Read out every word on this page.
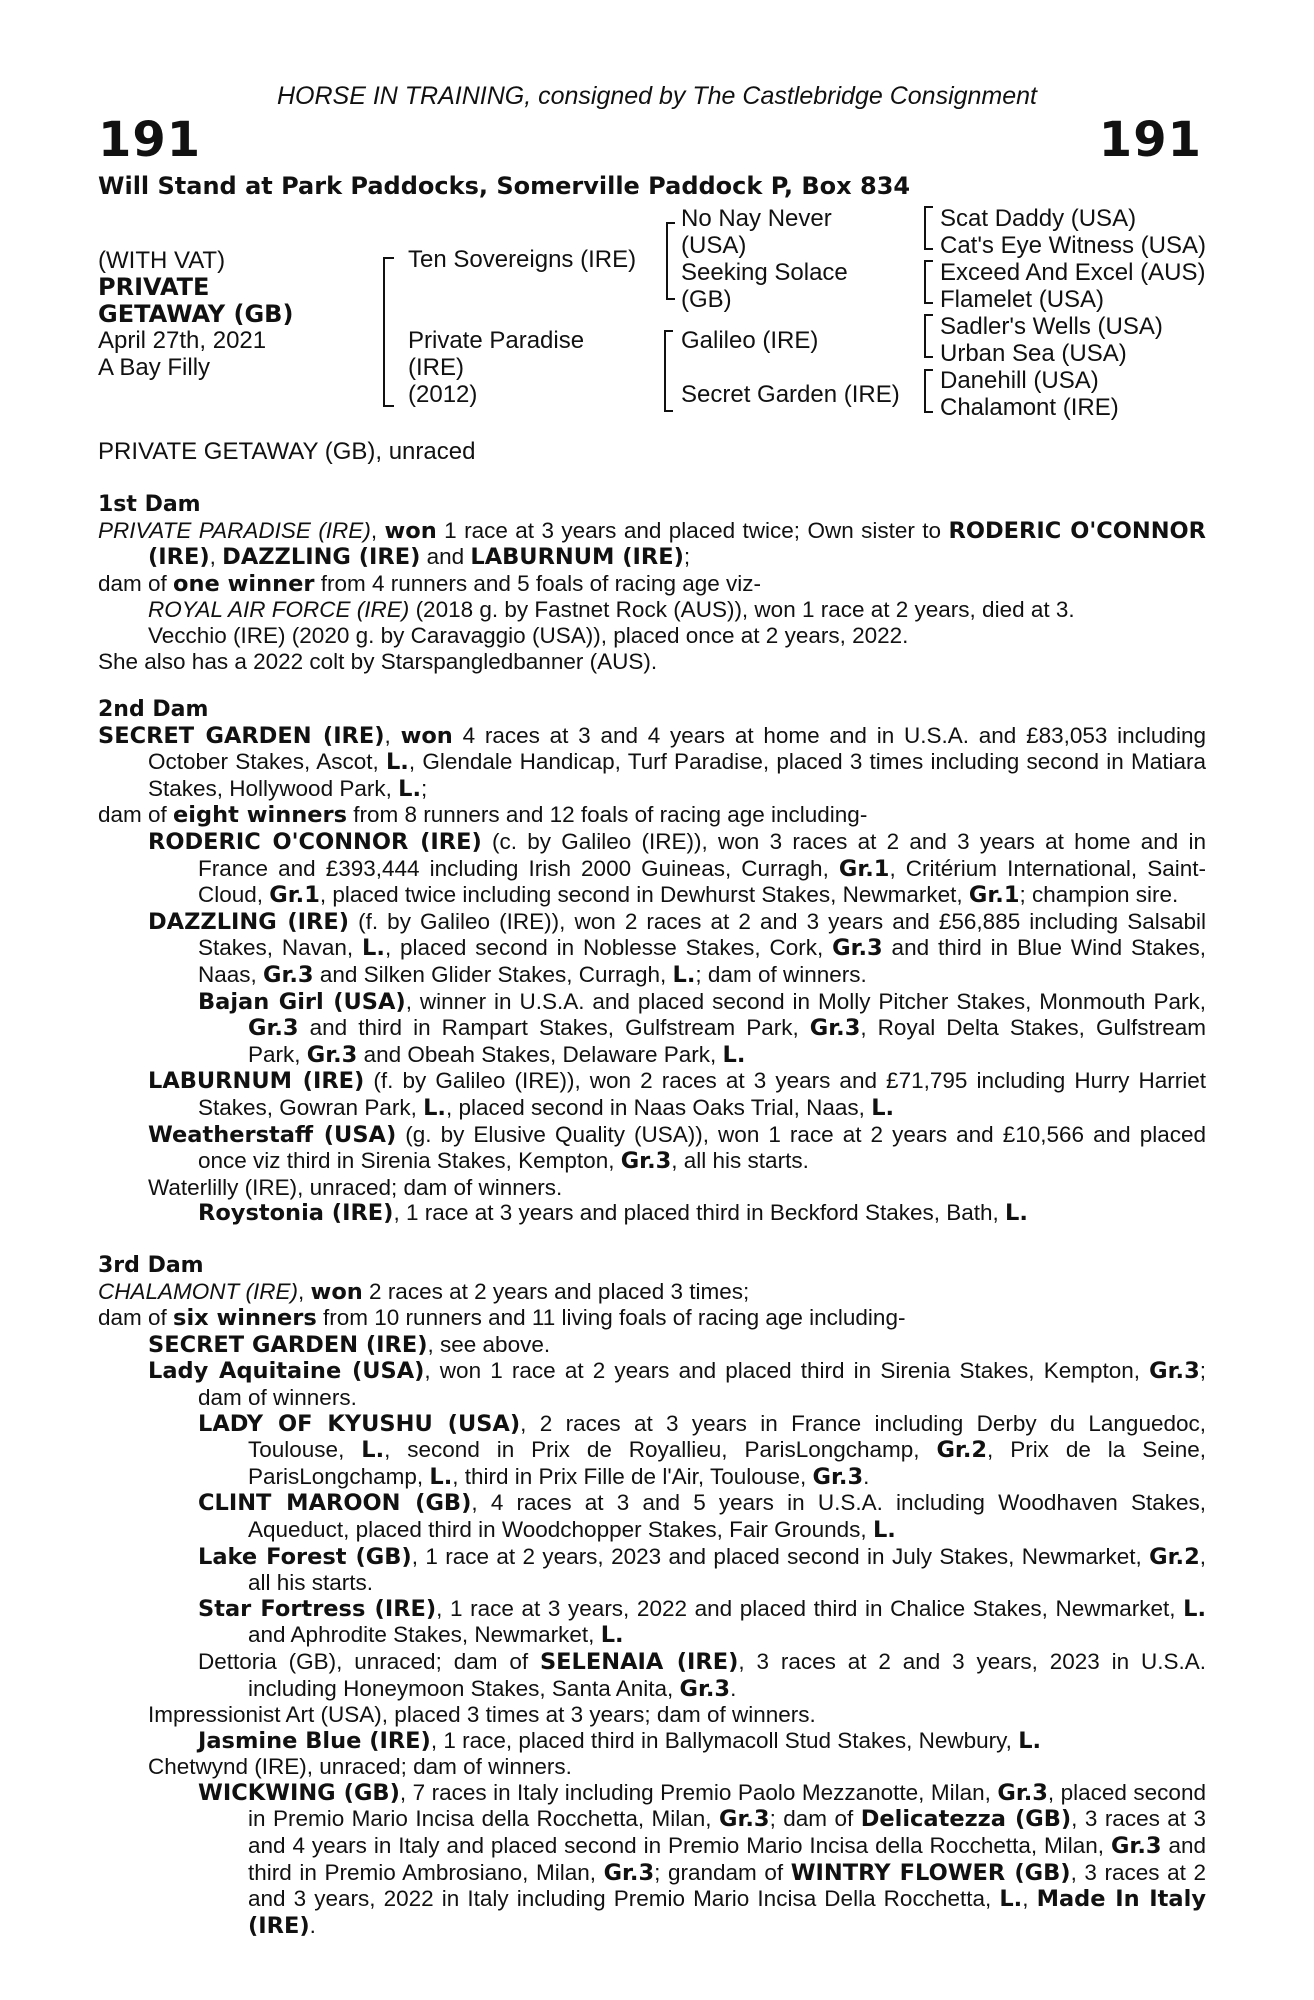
HORSE IN TRAINING, consigned by The Castlebridge Consignment
191	191
Will Stand at Park Paddocks, Somerville Paddock P, Box 834
(WITH VAT)
PRIVATE
GETAWAY (GB)
April 27th, 2021
A Bay Filly
Ten Sovereigns (IRE)
Private Paradise
(IRE)
(2012)
No Nay Never
(USA)
Seeking Solace
(GB)
Galileo (IRE)
Secret Garden (IRE)
Scat Daddy (USA)
Cat's Eye Witness (USA)
Exceed And Excel (AUS)
Flamelet (USA)
Sadler's Wells (USA)
Urban Sea (USA)
Danehill (USA)
Chalamont (IRE)
PRIVATE GETAWAY (GB), unraced

1st Dam

PRIVATE PARADISE (IRE), won 1 race at 3 years and placed twice; Own sister to RODERIC O'CONNOR (IRE), DAZZLING (IRE) and LABURNUM (IRE);

dam of one winner from 4 runners and 5 foals of racing age viz-

ROYAL AIR FORCE (IRE) (2018 g. by Fastnet Rock (AUS)), won 1 race at 2 years, died at 3.

Vecchio (IRE) (2020 g. by Caravaggio (USA)), placed once at 2 years, 2022.

She also has a 2022 colt by Starspangledbanner (AUS).

2nd Dam

SECRET GARDEN (IRE), won 4 races at 3 and 4 years at home and in U.S.A. and £83,053 including October Stakes, Ascot, L., Glendale Handicap, Turf Paradise, placed 3 times including second in Matiara Stakes, Hollywood Park, L.;

dam of eight winners from 8 runners and 12 foals of racing age including-

RODERIC O'CONNOR (IRE) (c. by Galileo (IRE)), won 3 races at 2 and 3 years at home and in France and £393,444 including Irish 2000 Guineas, Curragh, Gr.1, Critérium International, Saint-Cloud, Gr.1, placed twice including second in Dewhurst Stakes, Newmarket, Gr.1; champion sire.

DAZZLING (IRE) (f. by Galileo (IRE)), won 2 races at 2 and 3 years and £56,885 including Salsabil Stakes, Navan, L., placed second in Noblesse Stakes, Cork, Gr.3 and third in Blue Wind Stakes, Naas, Gr.3 and Silken Glider Stakes, Curragh, L.; dam of winners.

Bajan Girl (USA), winner in U.S.A. and placed second in Molly Pitcher Stakes, Monmouth Park, Gr.3 and third in Rampart Stakes, Gulfstream Park, Gr.3, Royal Delta Stakes, Gulfstream Park, Gr.3 and Obeah Stakes, Delaware Park, L.

LABURNUM (IRE) (f. by Galileo (IRE)), won 2 races at 3 years and £71,795 including Hurry Harriet Stakes, Gowran Park, L., placed second in Naas Oaks Trial, Naas, L.

Weatherstaff (USA) (g. by Elusive Quality (USA)), won 1 race at 2 years and £10,566 and placed once viz third in Sirenia Stakes, Kempton, Gr.3, all his starts.

Waterlilly (IRE), unraced; dam of winners.

Roystonia (IRE), 1 race at 3 years and placed third in Beckford Stakes, Bath, L.

3rd Dam

CHALAMONT (IRE), won 2 races at 2 years and placed 3 times;

dam of six winners from 10 runners and 11 living foals of racing age including-

SECRET GARDEN (IRE), see above.

Lady Aquitaine (USA), won 1 race at 2 years and placed third in Sirenia Stakes, Kempton, Gr.3; dam of winners.

LADY OF KYUSHU (USA), 2 races at 3 years in France including Derby du Languedoc, Toulouse, L., second in Prix de Royallieu, ParisLongchamp, Gr.2, Prix de la Seine, ParisLongchamp, L., third in Prix Fille de l'Air, Toulouse, Gr.3.

CLINT MAROON (GB), 4 races at 3 and 5 years in U.S.A. including Woodhaven Stakes, Aqueduct, placed third in Woodchopper Stakes, Fair Grounds, L.

Lake Forest (GB), 1 race at 2 years, 2023 and placed second in July Stakes, Newmarket, Gr.2, all his starts.

Star Fortress (IRE), 1 race at 3 years, 2022 and placed third in Chalice Stakes, Newmarket, L. and Aphrodite Stakes, Newmarket, L.

Dettoria (GB), unraced; dam of SELENAIA (IRE), 3 races at 2 and 3 years, 2023 in U.S.A. including Honeymoon Stakes, Santa Anita, Gr.3.

Impressionist Art (USA), placed 3 times at 3 years; dam of winners.

Jasmine Blue (IRE), 1 race, placed third in Ballymacoll Stud Stakes, Newbury, L.

Chetwynd (IRE), unraced; dam of winners.

WICKWING (GB), 7 races in Italy including Premio Paolo Mezzanotte, Milan, Gr.3, placed second in Premio Mario Incisa della Rocchetta, Milan, Gr.3; dam of Delicatezza (GB), 3 races at 3 and 4 years in Italy and placed second in Premio Mario Incisa della Rocchetta, Milan, Gr.3 and third in Premio Ambrosiano, Milan, Gr.3; grandam of WINTRY FLOWER (GB), 3 races at 2 and 3 years, 2022 in Italy including Premio Mario Incisa Della Rocchetta, L., Made In Italy (IRE).
